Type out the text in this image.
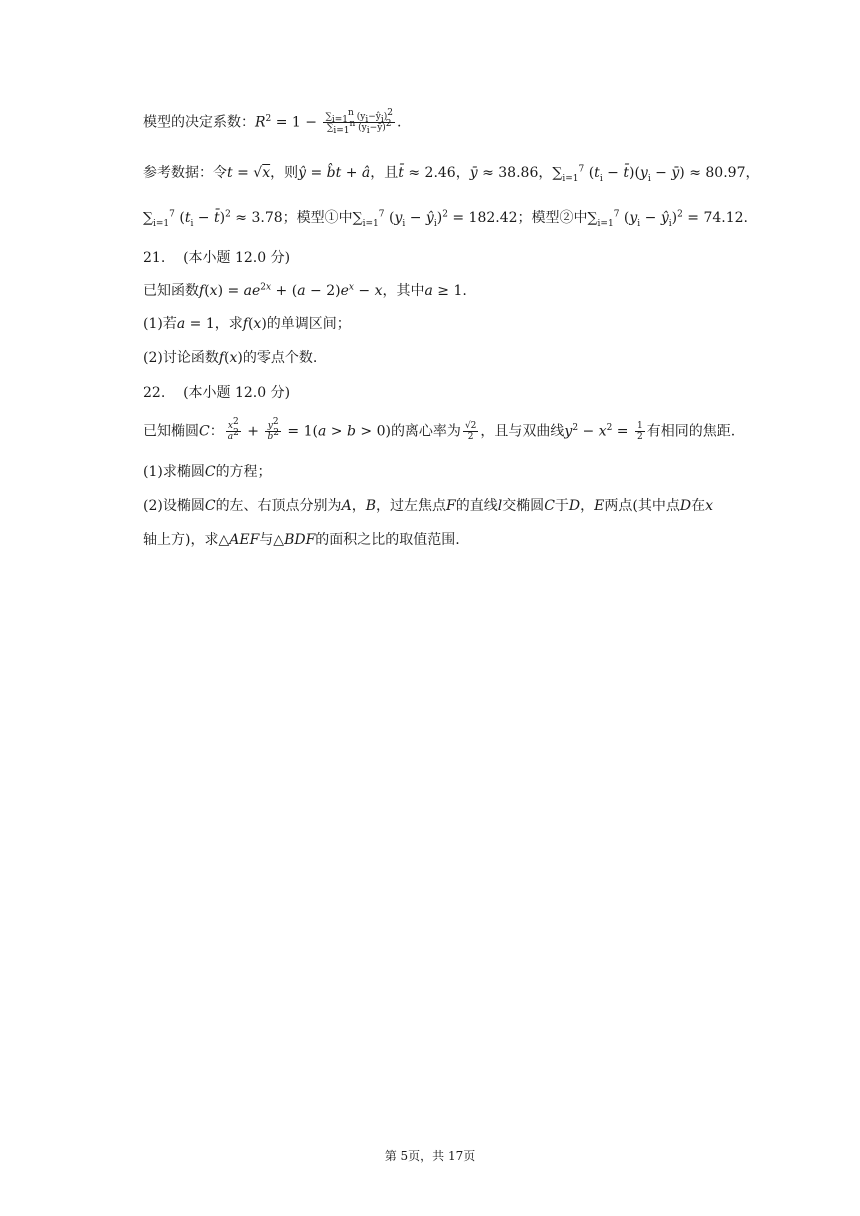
模型的决定系数：$R^2 = 1 - \frac{\sum i=1n (yi-ŷi)2}{\sum i=1n (yi-ȳ)2}$ .
参考数据：令t = √x，则ŷ = b̂t + â，且t̄ ≈ 2.46，ȳ ≈ 38.86，$\sum_{i=1}^7$ ($t_i$ − $t̄)(y_i$ − ȳ) ≈ 80.97，
$\sum_{i=1}^7$ ($t_i$ − t̄)$^2$ ≈ 3.78；模型①中$\sum_{i=1}^7$ ($y_i$ − $ŷ_i)^2 = 182.42$；模型②中$\sum_{i=1}^7$ ($y_i$ − $ŷ_i)^2 = 74.12$.
21. (本小题 12.0 分)
已知函数$f(x) = ae^{2x} + (a - 2)e^x - x$，其中a ≥ 1.
(1)若a = 1，求f(x)的单调区间；
(2)讨论函数f(x)的零点个数.
22. (本小题 12.0 分)
已知椭圆C： $\frac{x2}{a2} + \frac{y2}{b2} = 1(a > b > 0)$的离心率为 $\frac{√2}{2}$ ，且与双曲线$y^2 - x^2 = \frac{1}{2}$ 有相同的焦距.
(1)求椭圆C的方程；
(2)设椭圆C的左、右顶点分别为A，B，过左焦点F的直线l交椭圆C于D，E两点(其中点D在x
轴上方)，求△AEF与△BDF的面积之比的取值范围.
第 5页，共 17页
